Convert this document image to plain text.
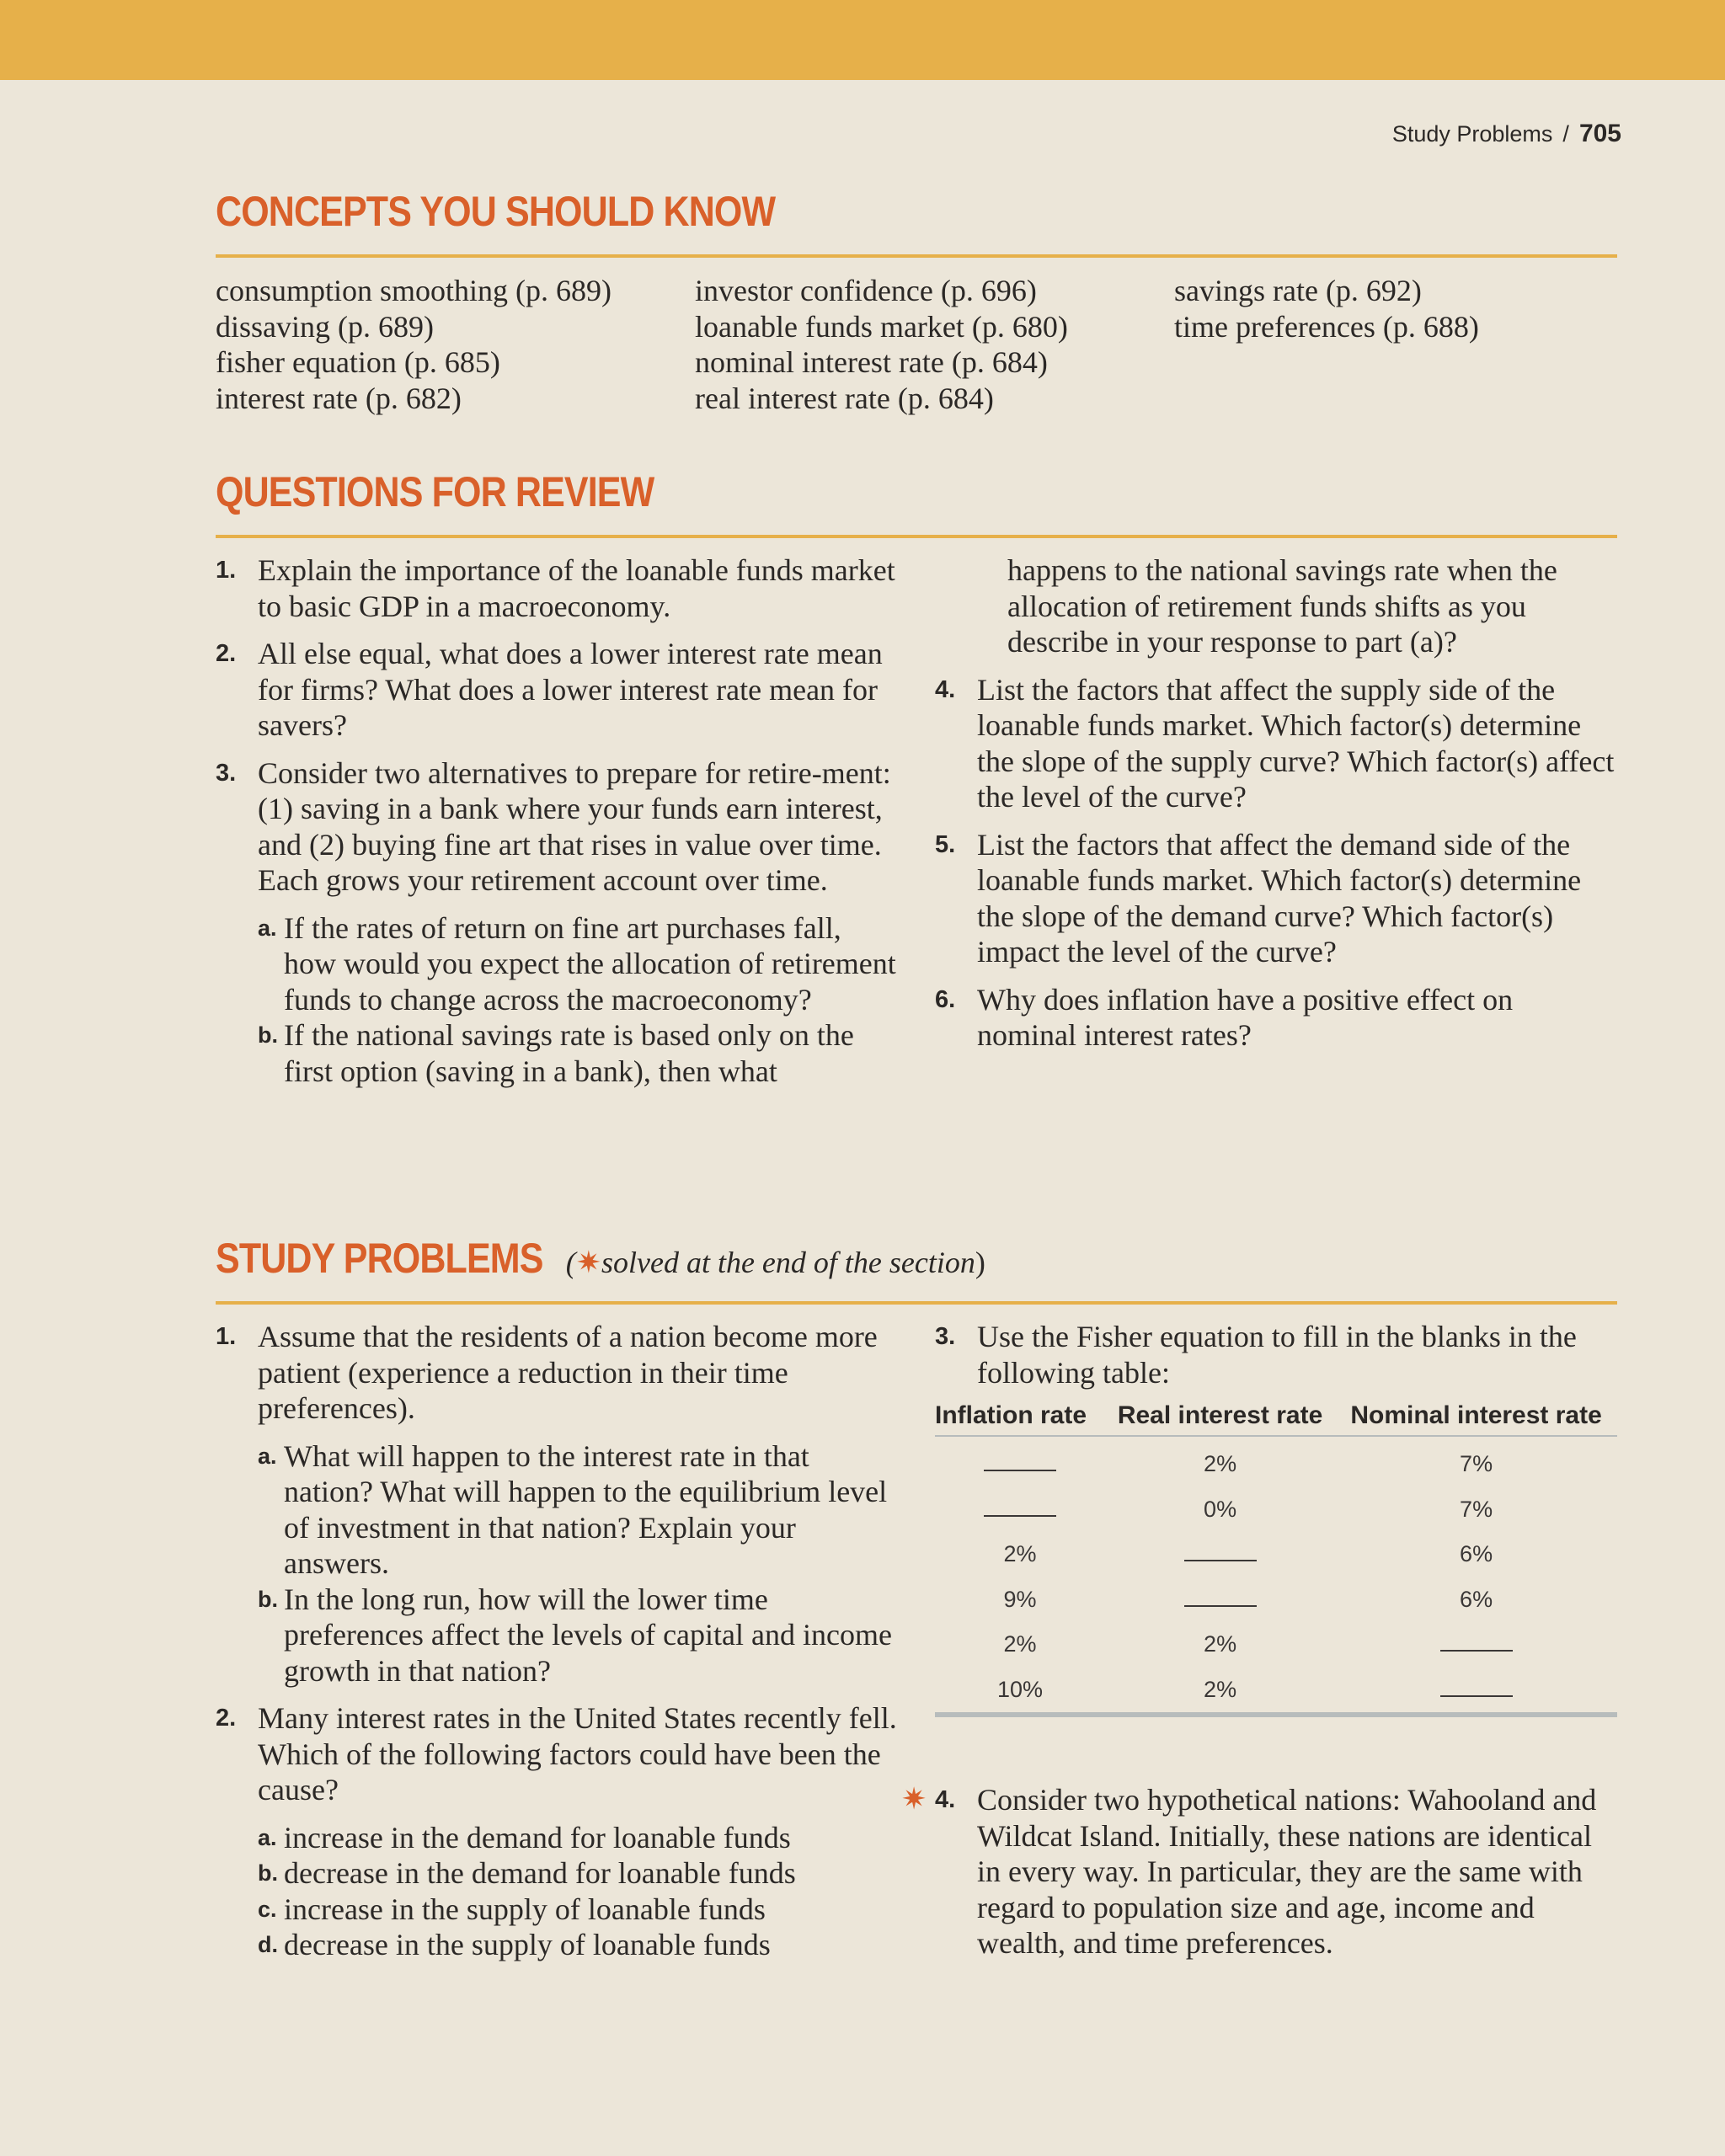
Study Problems / 705
CONCEPTS YOU SHOULD KNOW
consumption smoothing (p. 689)
dissaving (p. 689)
fisher equation (p. 685)
interest rate (p. 682)
investor confidence (p. 696)
loanable funds market (p. 680)
nominal interest rate (p. 684)
real interest rate (p. 684)
savings rate (p. 692)
time preferences (p. 688)
QUESTIONS FOR REVIEW
1. Explain the importance of the loanable funds market to basic GDP in a macroeconomy.
2. All else equal, what does a lower interest rate mean for firms? What does a lower interest rate mean for savers?
3. Consider two alternatives to prepare for retire-ment: (1) saving in a bank where your funds earn interest, and (2) buying fine art that rises in value over time. Each grows your retirement account over time.
a. If the rates of return on fine art purchases fall, how would you expect the allocation of retirement funds to change across the macroeconomy?
b. If the national savings rate is based only on the first option (saving in a bank), then what
happens to the national savings rate when the allocation of retirement funds shifts as you describe in your response to part (a)?
4. List the factors that affect the supply side of the loanable funds market. Which factor(s) determine the slope of the supply curve? Which factor(s) affect the level of the curve?
5. List the factors that affect the demand side of the loanable funds market. Which factor(s) determine the slope of the demand curve? Which factor(s) impact the level of the curve?
6. Why does inflation have a positive effect on nominal interest rates?
STUDY PROBLEMS (✷solved at the end of the section)
1. Assume that the residents of a nation become more patient (experience a reduction in their time preferences).
a. What will happen to the interest rate in that nation? What will happen to the equilibrium level of investment in that nation? Explain your answers.
b. In the long run, how will the lower time preferences affect the levels of capital and income growth in that nation?
2. Many interest rates in the United States recently fell. Which of the following factors could have been the cause?
a. increase in the demand for loanable funds
b. decrease in the demand for loanable funds
c. increase in the supply of loanable funds
d. decrease in the supply of loanable funds
3. Use the Fisher equation to fill in the blanks in the following table:
Inflation rate	Real interest rate	Nominal interest rate
	2%	7%
	0%	7%
2%		6%
9%		6%
2%	2%	
10%	2%	
✷ 4. Consider two hypothetical nations: Wahooland and Wildcat Island. Initially, these nations are identical in every way. In particular, they are the same with regard to population size and age, income and wealth, and time preferences.
